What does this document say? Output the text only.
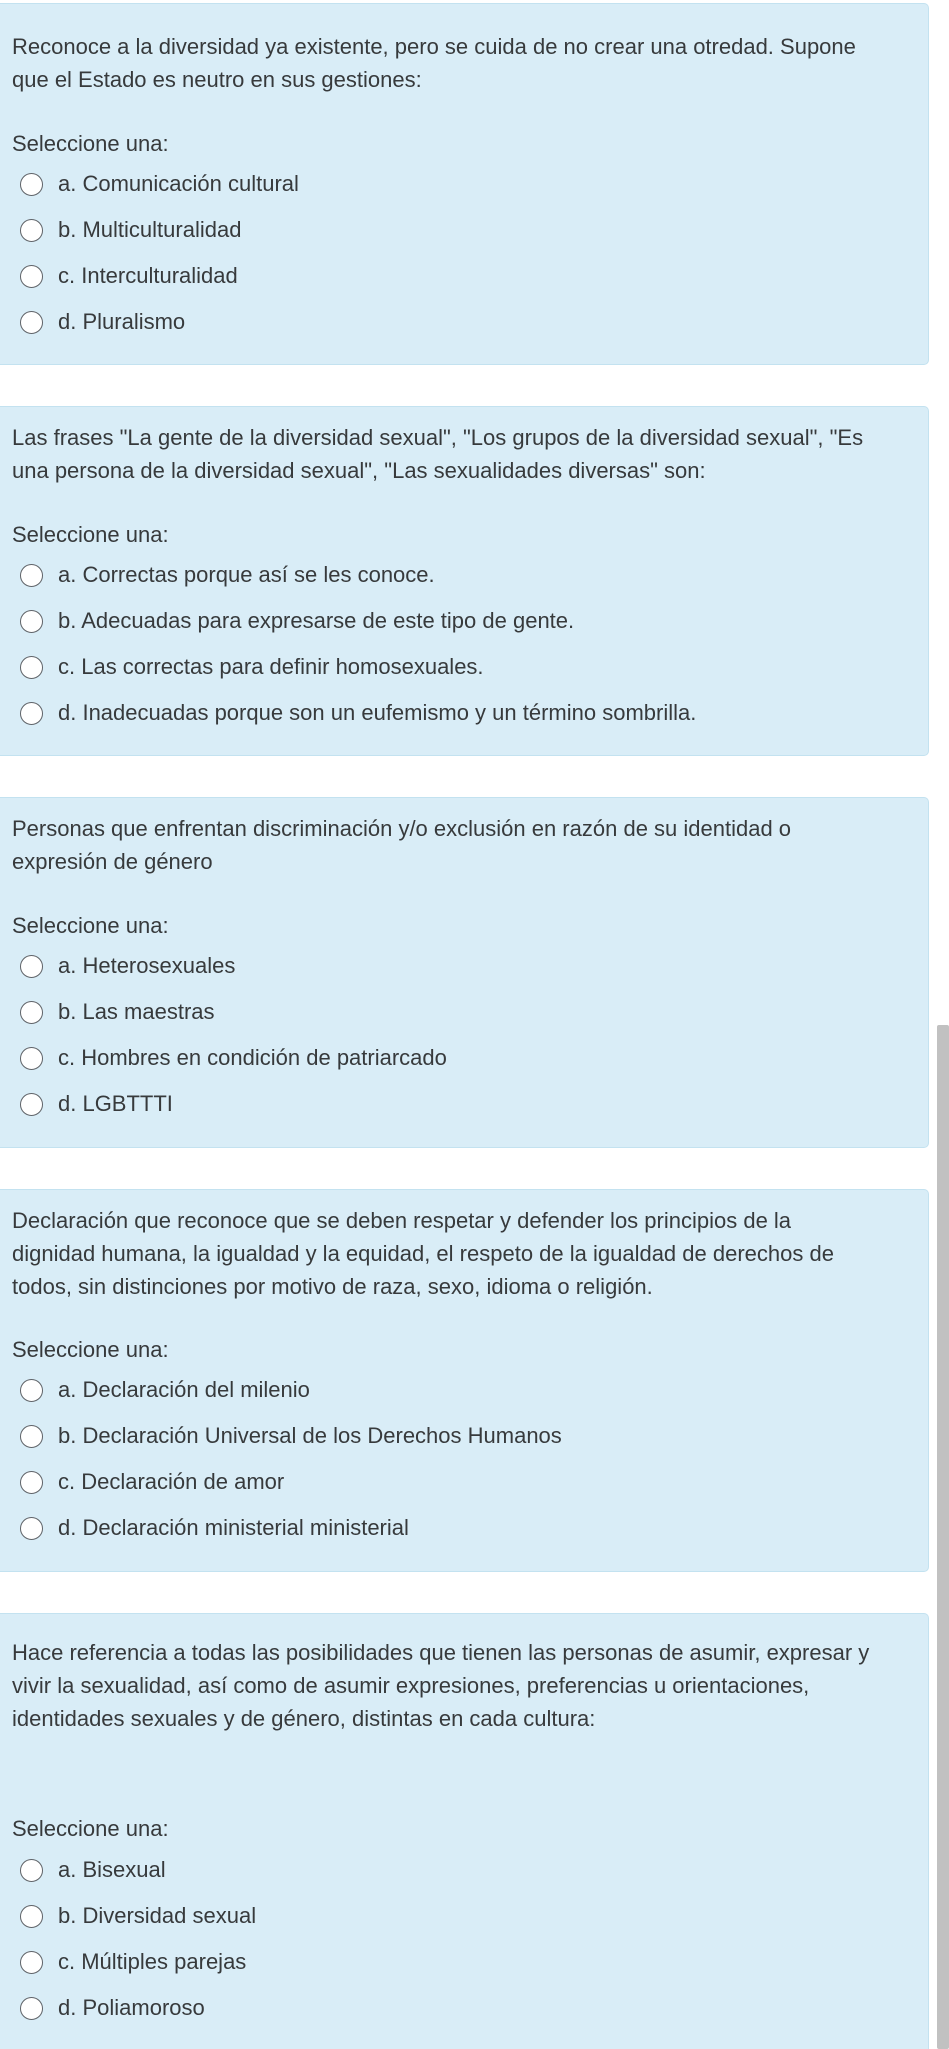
Reconoce a la diversidad ya existente, pero se cuida de no crear una otredad. Supone que el Estado es neutro en sus gestiones:
Seleccione una:
a. Comunicación cultural
b. Multiculturalidad
c. Interculturalidad
d. Pluralismo
Las frases "La gente de la diversidad sexual", "Los grupos de la diversidad sexual", "Es una persona de la diversidad sexual", "Las sexualidades diversas" son:
Seleccione una:
a. Correctas porque así se les conoce.
b. Adecuadas para expresarse de este tipo de gente.
c. Las correctas para definir homosexuales.
d. Inadecuadas porque son un eufemismo y un término sombrilla.
Personas que enfrentan discriminación y/o exclusión en razón de su identidad o expresión de género
Seleccione una:
a. Heterosexuales
b. Las maestras
c. Hombres en condición de patriarcado
d. LGBTTTI
Declaración que reconoce que se deben respetar y defender los principios de la dignidad humana, la igualdad y la equidad, el respeto de la igualdad de derechos de todos, sin distinciones por motivo de raza, sexo, idioma o religión.
Seleccione una:
a. Declaración del milenio
b. Declaración Universal de los Derechos Humanos
c. Declaración de amor
d. Declaración ministerial ministerial
Hace referencia a todas las posibilidades que tienen las personas de asumir, expresar y vivir la sexualidad, así como de asumir expresiones, preferencias u orientaciones, identidades sexuales y de género, distintas en cada cultura:
Seleccione una:
a. Bisexual
b. Diversidad sexual
c. Múltiples parejas
d. Poliamoroso
